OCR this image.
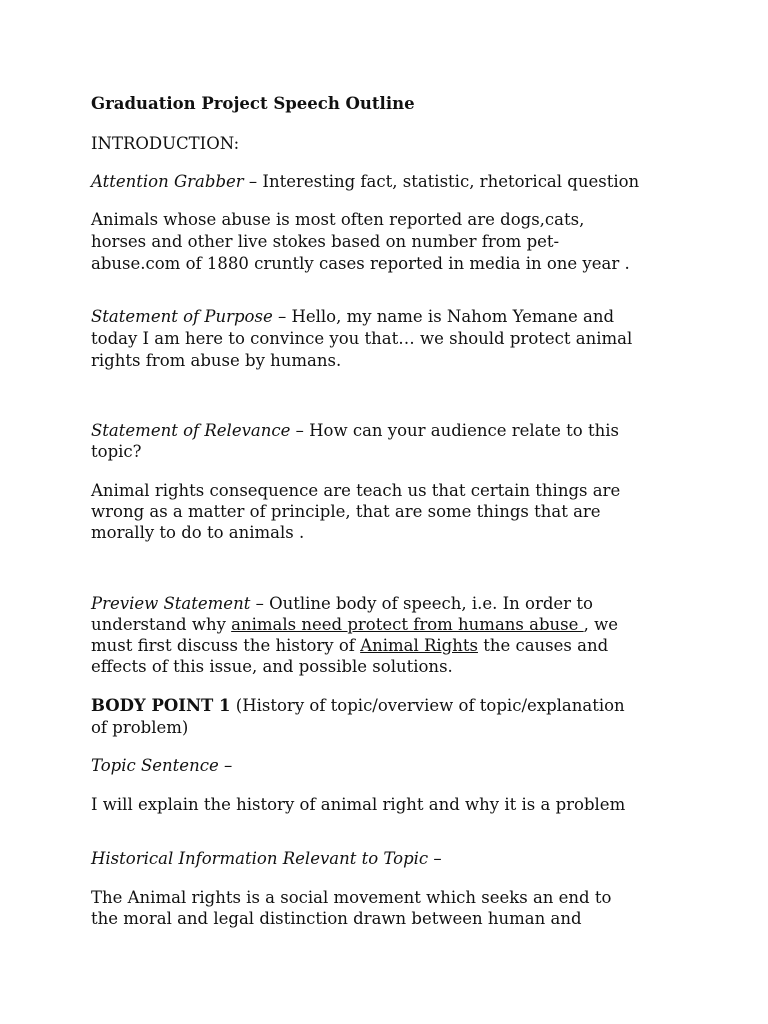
Graduation Project Speech Outline

INTRODUCTION:

Attention Grabber – Interesting fact, statistic, rhetorical question

Animals whose abuse is most often reported are dogs,cats,

horses and other live stokes based on number from pet-

abuse.com of 1880 cruntly cases reported in media in one year .

Statement of Purpose – Hello, my name is Nahom Yemane and

today I am here to convince you that… we should protect animal

rights from abuse by humans.

Statement of Relevance – How can your audience relate to this

topic?

Animal rights consequence are teach us that certain things are

wrong as a matter of principle, that are some things that are

morally to do to animals .

Preview Statement – Outline body of speech, i.e. In order to

understand why animals need protect from humans abuse , we

must first discuss the history of Animal Rights the causes and

effects of this issue, and possible solutions.

BODY POINT 1 (History of topic/overview of topic/explanation

of problem)

Topic Sentence –

I will explain the history of animal right and why it is a problem

Historical Information Relevant to Topic –

The Animal rights is a social movement which seeks an end to

the moral and legal distinction drawn between human and
